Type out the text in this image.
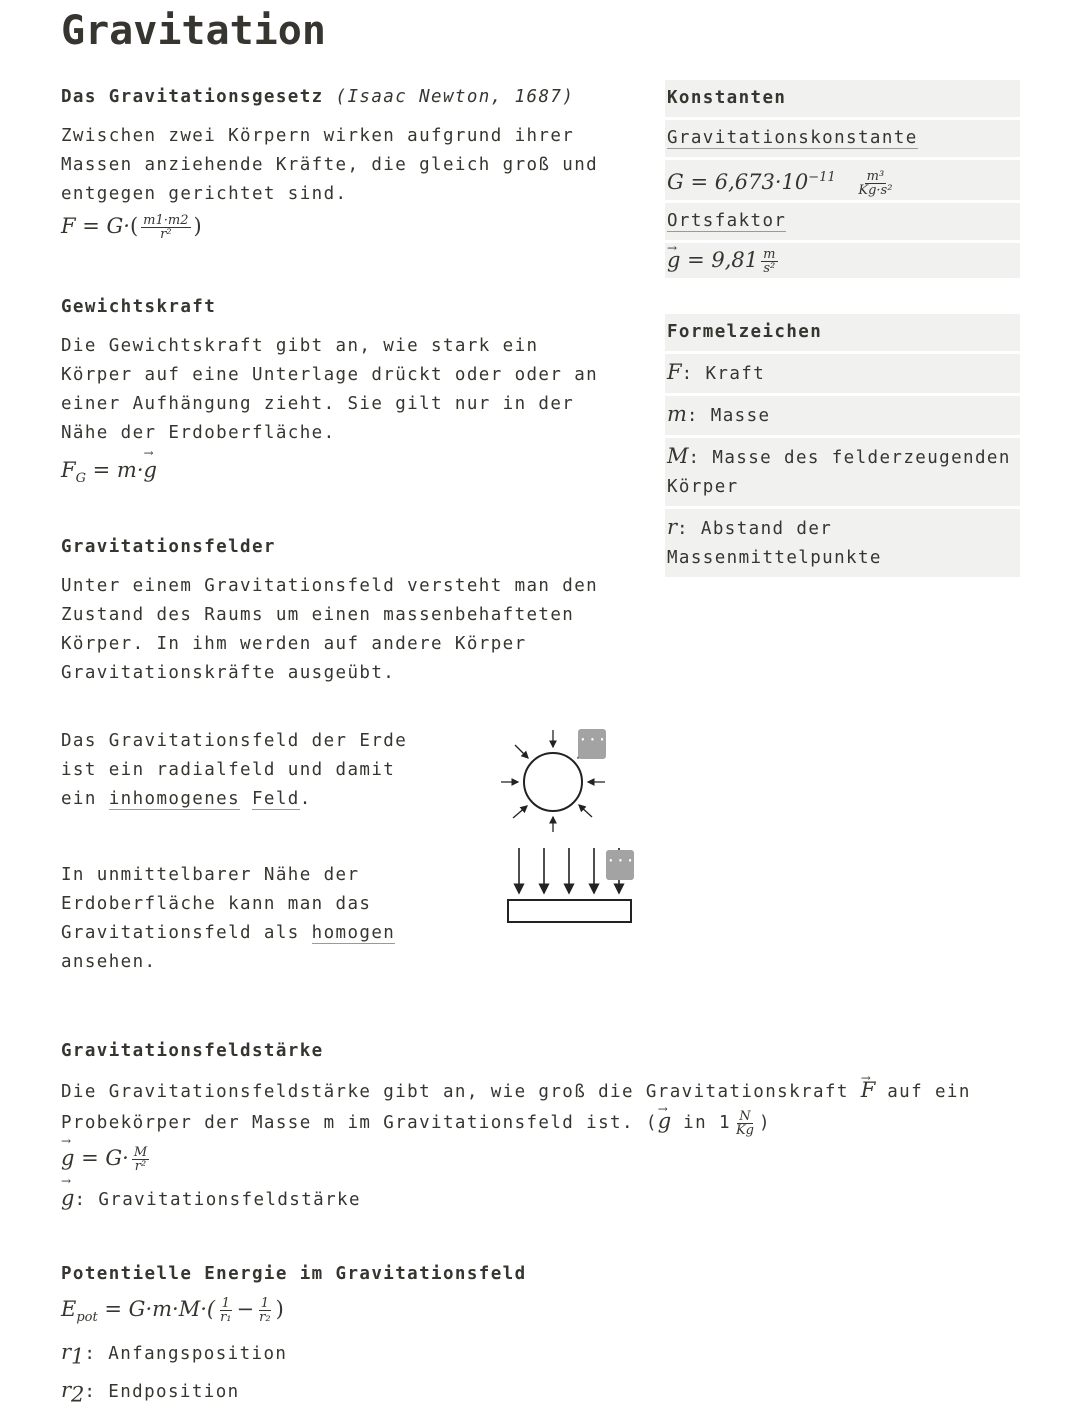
Gravitation
Das Gravitationsgesetz (Isaac Newton, 1687)
Zwischen zwei Körpern wirken aufgrund ihrer Massen anziehende Kräfte, die gleich groß und entgegen gerichtet sind.
$F = G\cdot( \frac{m1\cdot m2}{\text{r²}}$ )
Gewichtskraft
Die Gewichtskraft gibt an, wie stark ein Körper auf eine Unterlage drückt oder oder an einer Aufhängung zieht. Sie gilt nur in der Nähe der Erdoberfläche.
$F_G = m\cdot\to g$
Gravitationsfelder
Unter einem Gravitationsfeld versteht man den Zustand des Raums um einen massenbehafteten Körper. In ihm werden auf andere Körper Gravitationskräfte ausgeübt.
Das Gravitationsfeld der Erde ist ein radialfeld und damit ein inhomogenes Feld.
···
In unmittelbarer Nähe der Erdoberfläche kann man das Gravitationsfeld als homogen ansehen.
···
Gravitationsfeldstärke
Die Gravitationsfeldstärke gibt an, wie groß die Gravitationskraft → F auf ein Probekörper der Masse m im Gravitationsfeld ist. (→ g in $1 \frac{N}{Kg}$ )
→ $g = G\cdot \frac{M}{\text{r²}}$
→ g: Gravitationsfeldstärke
Potentielle Energie im Gravitationsfeld
$E_{pot} = G\cdot m\cdot M\cdot( \frac{1}{\text{r₁}} - \frac{1}{\text{r₂}}$ )
$r_1$: Anfangsposition
$r_2$: Endposition
Konstanten
Gravitationskonstante
$G = 6,673\cdot 10^{-11} \frac{\text{m³}}{\text{Kg·s²}}$
Ortsfaktor
→ $g = 9,81 \frac{m}{\text{s²}}$
Formelzeichen
F: Kraft
m: Masse
M: Masse des felderzeugenden Körper
r: Abstand der Massenmittelpunkte
